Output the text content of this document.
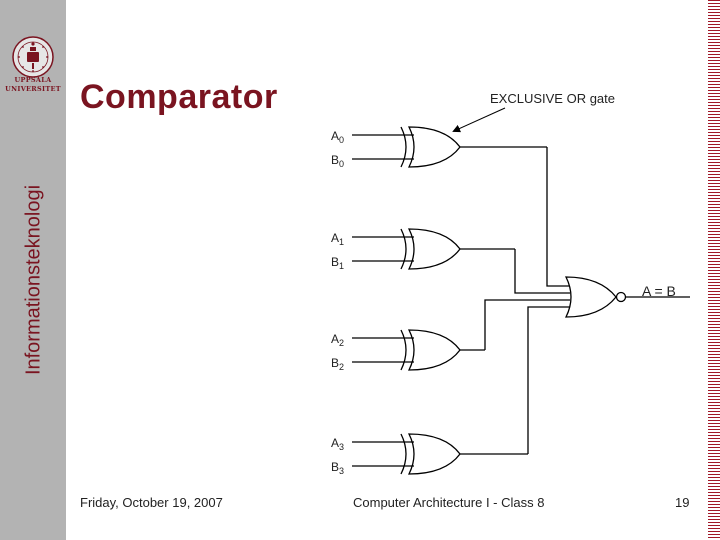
UPPSALA
UNIVERSITET
Informationsteknologi
Comparator	EXCLUSIVE OR gate
A = B
$A_0$
$B_0$
$A_1$
$B_1$
$A_2$
$B_2$
$A_3$
$B_3$
Friday, October 19, 2007	Computer Architecture I - Class 8	19
